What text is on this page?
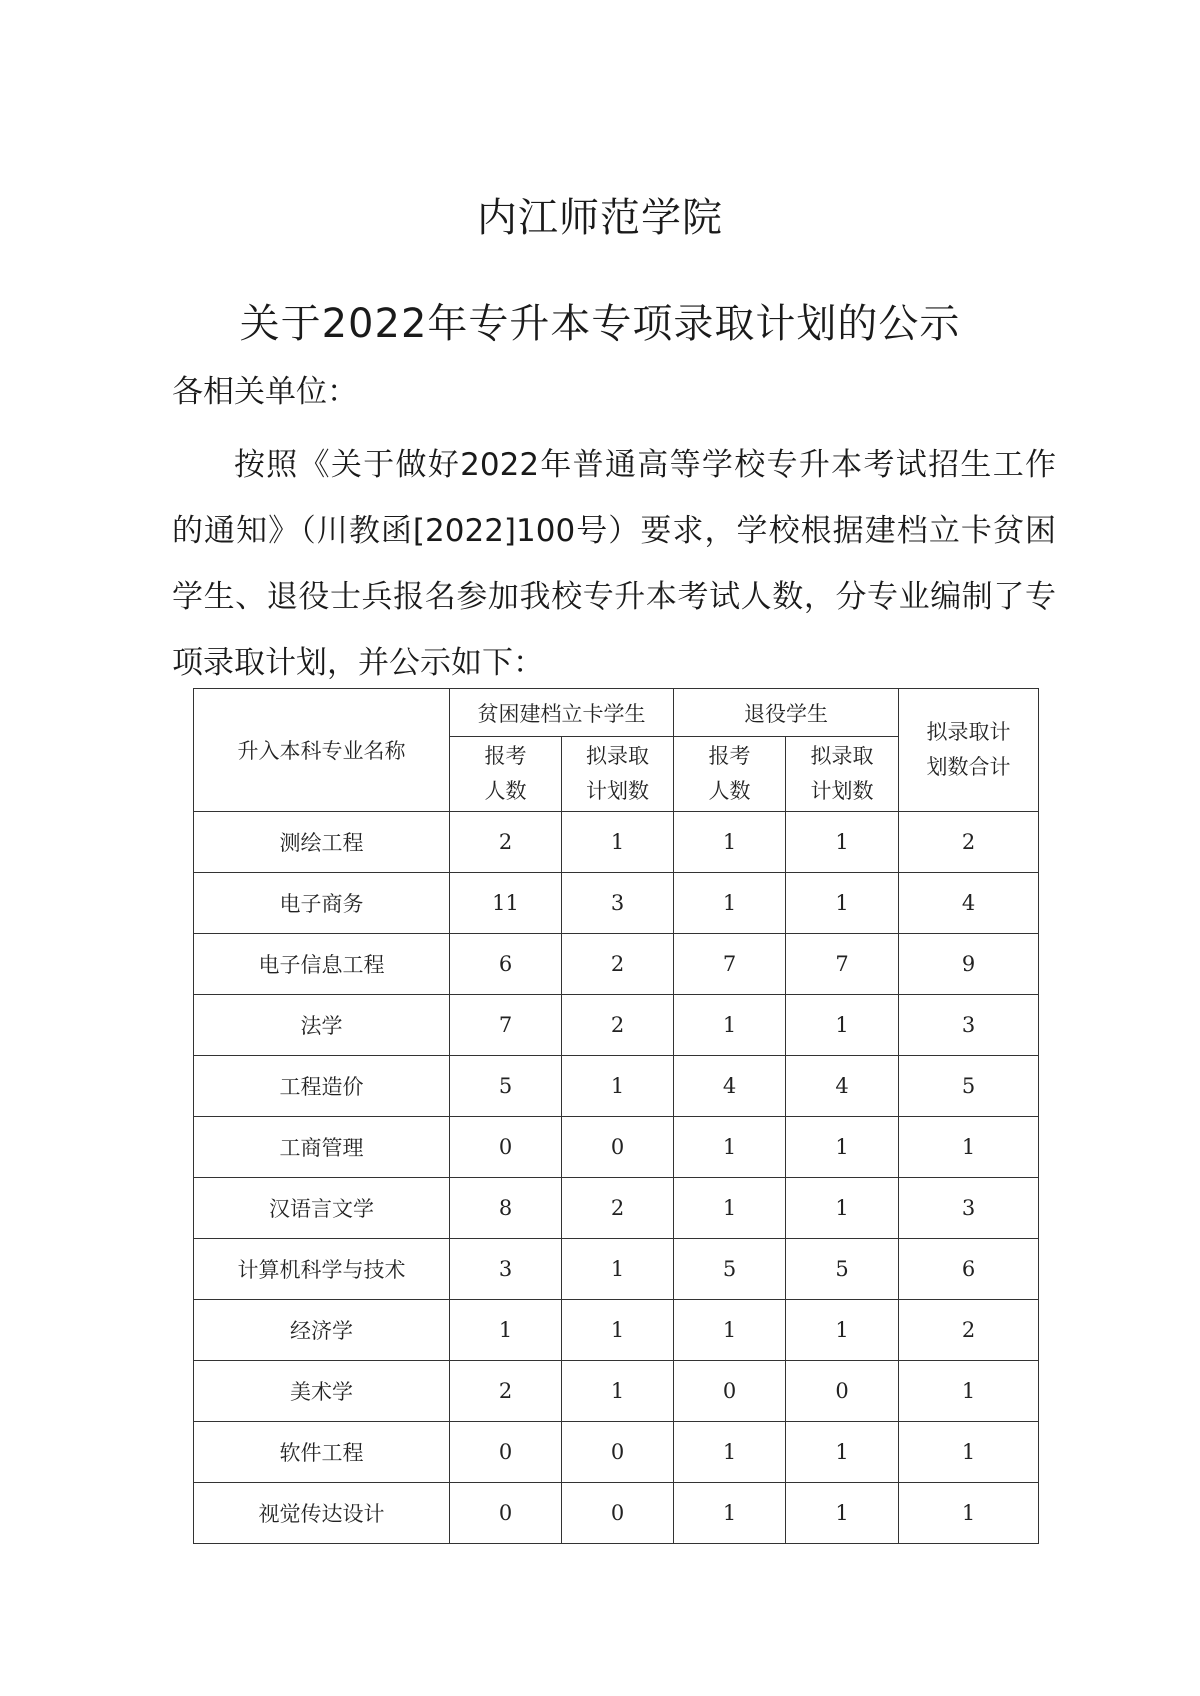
内江师范学院
关于2022年专升本专项录取计划的公示
各相关单位：
按照《关于做好2022年普通高等学校专升本考试招生工作的通知》（川教函[2022]100号）要求，学校根据建档立卡贫困学生、退役士兵报名参加我校专升本考试人数，分专业编制了专项录取计划，并公示如下：
升入本科专业名称	贫困建档立卡学生		退役学生		拟录取计划数合计
	报考人数	拟录取计划数	报考人数	拟录取计划数	
测绘工程	2	1	1	1	2
电子商务	11	3	1	1	4
电子信息工程	6	2	7	7	9
法学	7	2	1	1	3
工程造价	5	1	4	4	5
工商管理	0	0	1	1	1
汉语言文学	8	2	1	1	3
计算机科学与技术	3	1	5	5	6
经济学	1	1	1	1	2
美术学	2	1	0	0	1
软件工程	0	0	1	1	1
视觉传达设计	0	0	1	1	1
